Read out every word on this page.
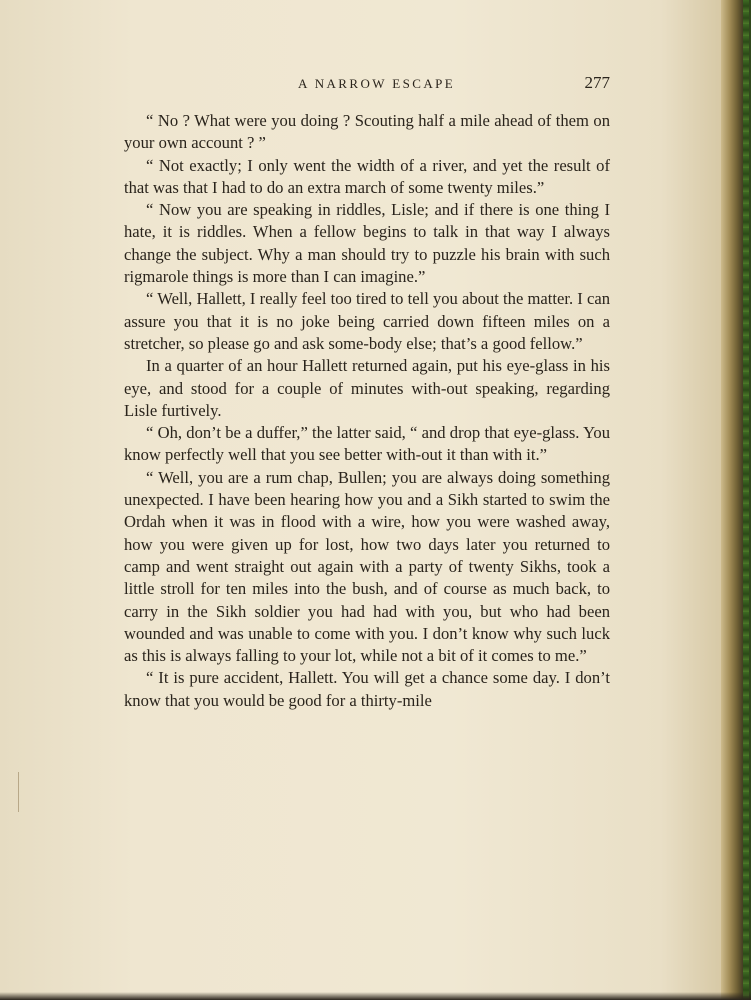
A NARROW ESCAPE	277

“ No ? What were you doing ? Scouting half a mile ahead of them on your own account ? ”

“ Not exactly; I only went the width of a river, and yet the result of that was that I had to do an extra march of some twenty miles.”

“ Now you are speaking in riddles, Lisle; and if there is one thing I hate, it is riddles. When a fellow begins to talk in that way I always change the subject. Why a man should try to puzzle his brain with such rigmarole things is more than I can imagine.”

“ Well, Hallett, I really feel too tired to tell you about the matter. I can assure you that it is no joke being carried down fifteen miles on a stretcher, so please go and ask some-body else; that’s a good fellow.”

In a quarter of an hour Hallett returned again, put his eye-glass in his eye, and stood for a couple of minutes with-out speaking, regarding Lisle furtively.

“ Oh, don’t be a duffer,” the latter said, “ and drop that eye-glass. You know perfectly well that you see better with-out it than with it.”

“ Well, you are a rum chap, Bullen; you are always doing something unexpected. I have been hearing how you and a Sikh started to swim the Ordah when it was in flood with a wire, how you were washed away, how you were given up for lost, how two days later you returned to camp and went straight out again with a party of twenty Sikhs, took a little stroll for ten miles into the bush, and of course as much back, to carry in the Sikh soldier you had had with you, but who had been wounded and was unable to come with you. I don’t know why such luck as this is always falling to your lot, while not a bit of it comes to me.”

“ It is pure accident, Hallett. You will get a chance some day. I don’t know that you would be good for a thirty-mile
